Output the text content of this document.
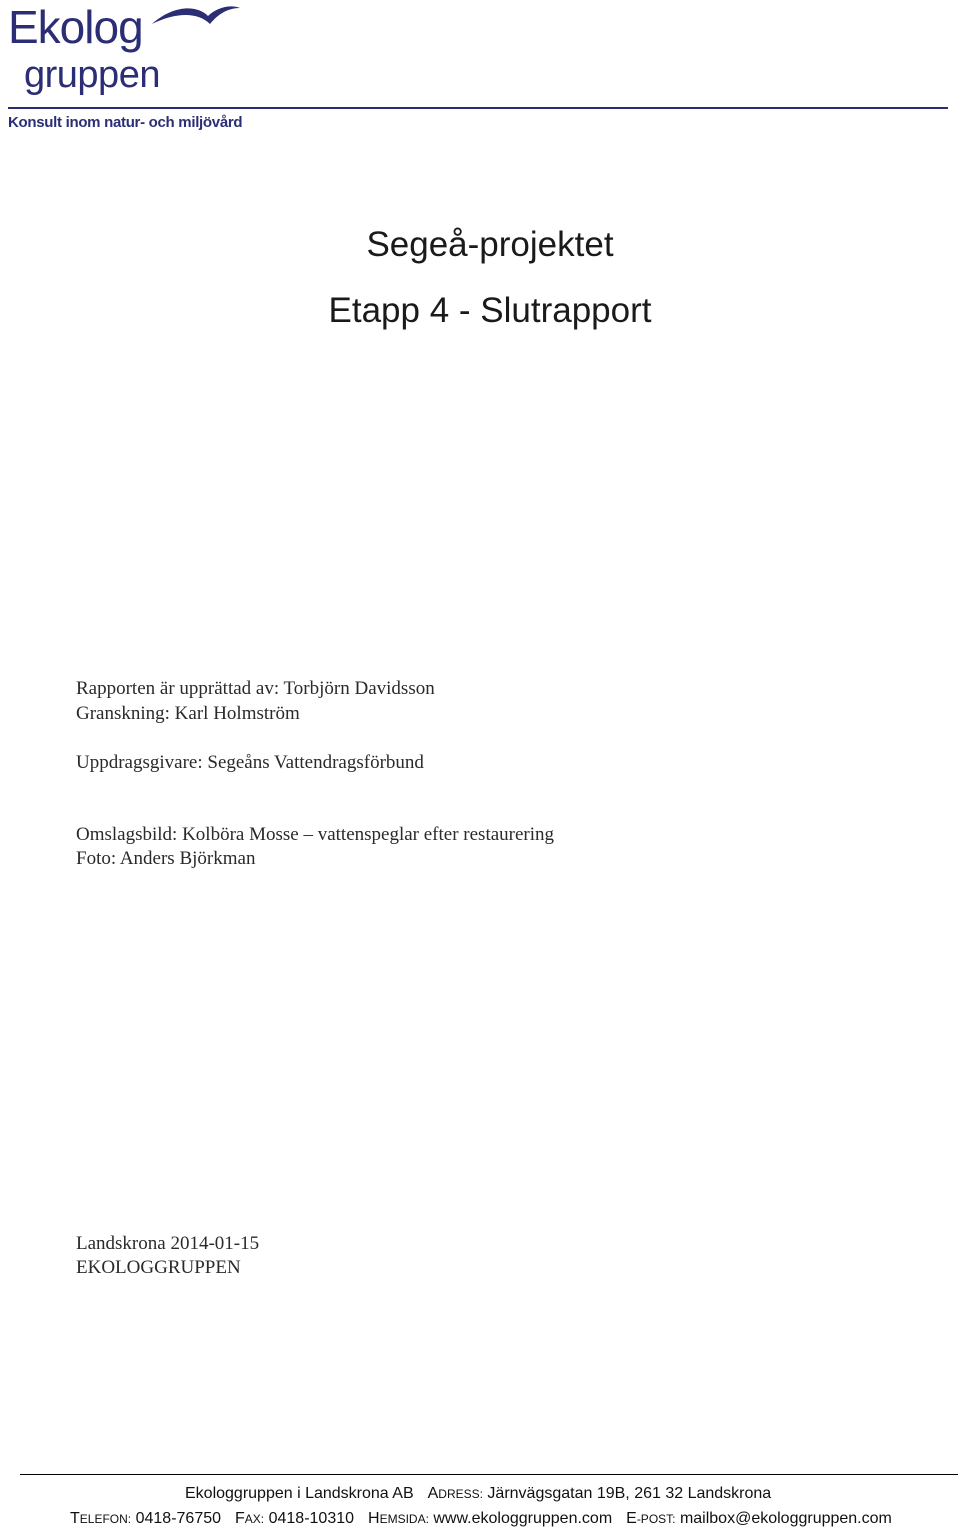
Ekolog
gruppen
Konsult inom natur- och miljövård
Segeå-projektet
Etapp 4 - Slutrapport
Rapporten är upprättad av: Torbjörn Davidsson
Granskning: Karl Holmström
Uppdragsgivare: Segeåns Vattendragsförbund
Omslagsbild: Kolböra Mosse – vattenspeglar efter restaurering
Foto: Anders Björkman
Landskrona 2014-01-15
EKOLOGGRUPPEN
Ekologgruppen i Landskrona AB ADRESS: Järnvägsgatan 19B, 261 32 Landskrona
TELEFON: 0418-76750 FAX: 0418-10310 HEMSIDA: www.ekologgruppen.com E-POST: mailbox@ekologgruppen.com
